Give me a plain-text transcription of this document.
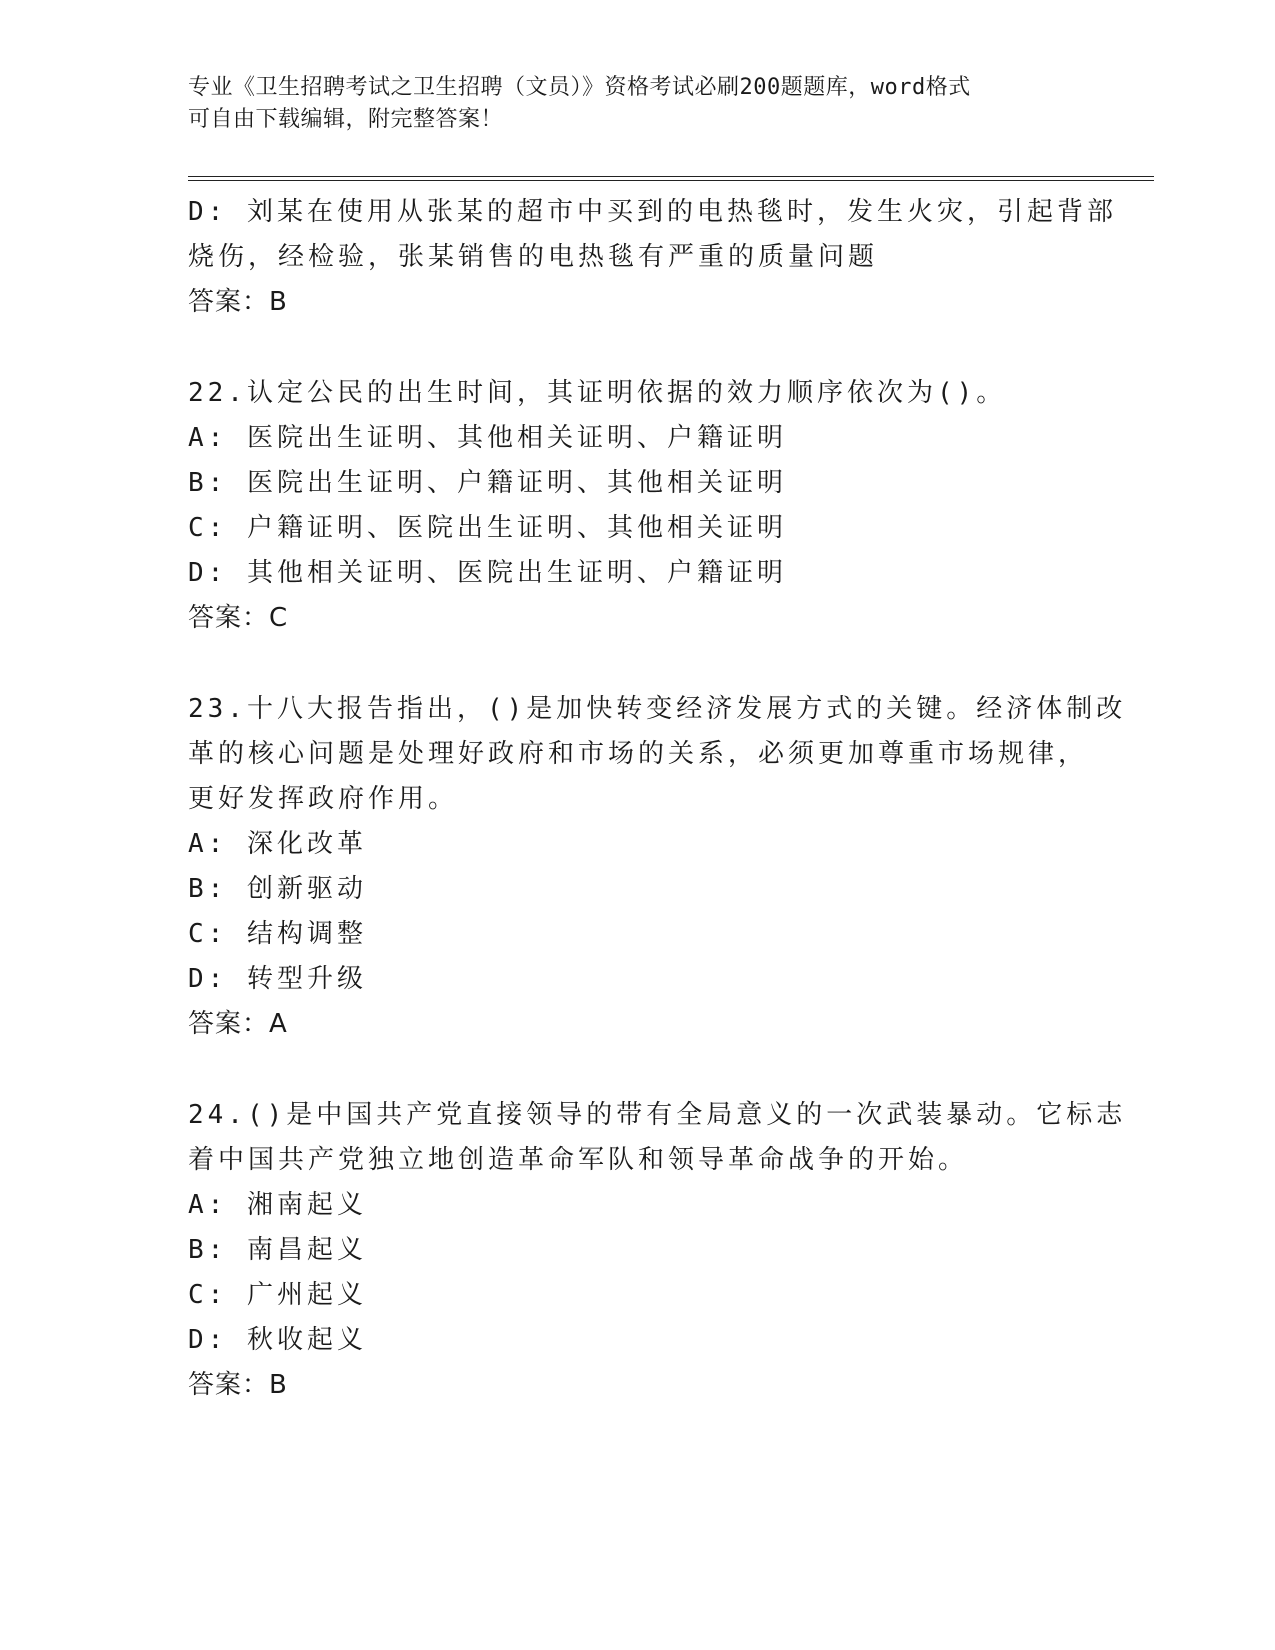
专业《卫生招聘考试之卫生招聘（文员）》资格考试必刷200题题库，word格式
可自由下载编辑，附完整答案！
D: 刘某在使用从张某的超市中买到的电热毯时，发生火灾，引起背部
烧伤，经检验，张某销售的电热毯有严重的质量问题
答案：B
22.认定公民的出生时间，其证明依据的效力顺序依次为()。
A: 医院出生证明、其他相关证明、户籍证明
B: 医院出生证明、户籍证明、其他相关证明
C: 户籍证明、医院出生证明、其他相关证明
D: 其他相关证明、医院出生证明、户籍证明
答案：C
23.十八大报告指出，()是加快转变经济发展方式的关键。经济体制改
革的核心问题是处理好政府和市场的关系，必须更加尊重市场规律，
更好发挥政府作用。
A: 深化改革
B: 创新驱动
C: 结构调整
D: 转型升级
答案：A
24.()是中国共产党直接领导的带有全局意义的一次武装暴动。它标志
着中国共产党独立地创造革命军队和领导革命战争的开始。
A: 湘南起义
B: 南昌起义
C: 广州起义
D: 秋收起义
答案：B
